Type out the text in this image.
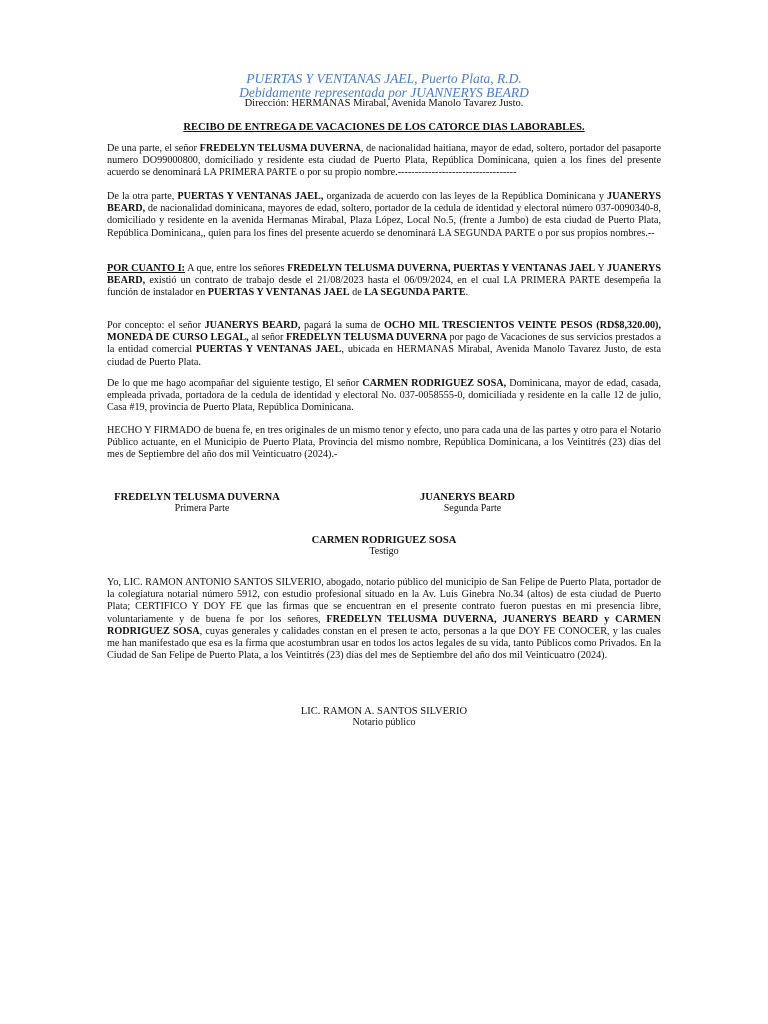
PUERTAS Y VENTANAS JAEL, Puerto Plata, R.D.
Debidamente representada por JUANNERYS BEARD
Dirección: HERMANAS Mirabal, Avenida Manolo Tavarez Justo.
RECIBO DE ENTREGA DE VACACIONES DE LOS CATORCE DIAS LABORABLES.
De una parte, el señor FREDELYN TELUSMA DUVERNA, de nacionalidad haitiana, mayor de edad, soltero, portador del pasaporte numero DO99000800, domiciliado y residente esta ciudad de Puerto Plata, República Dominicana, quien a los fines del presente acuerdo se denominará LA PRIMERA PARTE o por su propio nombre.-----------------------------------
De la otra parte, PUERTAS Y VENTANAS JAEL, organizada de acuerdo con las leyes de la República Dominicana y JUANERYS BEARD, de nacionalidad dominicana, mayores de edad, soltero, portador de la cedula de identidad y electoral número 037-0090340-8, domiciliado y residente en la avenida Hermanas Mirabal, Plaza López, Local No.5, (frente a Jumbo) de esta ciudad de Puerto Plata, República Dominicana,, quien para los fines del presente acuerdo se denominará LA SEGUNDA PARTE o por sus propios nombres.--
POR CUANTO I: A que, entre los señores FREDELYN TELUSMA DUVERNA, PUERTAS Y VENTANAS JAEL Y JUANERYS BEARD, existió un contrato de trabajo desde el 21/08/2023 hasta el 06/09/2024, en el cual LA PRIMERA PARTE desempeña la función de instalador en PUERTAS Y VENTANAS JAEL de LA SEGUNDA PARTE.
Por concepto: el señor JUANERYS BEARD, pagará la suma de OCHO MIL TRESCIENTOS VEINTE PESOS (RD$8,320.00), MONEDA DE CURSO LEGAL, al señor FREDELYN TELUSMA DUVERNA por pago de Vacaciones de sus servicios prestados a la entidad comercial PUERTAS Y VENTANAS JAEL, ubicada en HERMANAS Mirabal, Avenida Manolo Tavarez Justo, de esta ciudad de Puerto Plata.
De lo que me hago acompañar del siguiente testigo, El señor CARMEN RODRIGUEZ SOSA, Dominicana, mayor de edad, casada, empleada privada, portadora de la cedula de identidad y electoral No. 037-0058555-0, domiciliada y residente en la calle 12 de julio, Casa #19, provincia de Puerto Plata, República Dominicana.
HECHO Y FIRMADO de buena fe, en tres originales de un mismo tenor y efecto, uno para cada una de las partes y otro para el Notario Público actuante, en el Municipio de Puerto Plata, Provincia del mismo nombre, República Dominicana, a los Veintitrés (23) días del mes de Septiembre del año dos mil Veinticuatro (2024).-
FREDELYN TELUSMA DUVERNA
Primera Parte
JUANERYS BEARD
Segunda Parte
CARMEN RODRIGUEZ SOSA
Testigo
Yo, LIC. RAMON ANTONIO SANTOS SILVERIO, abogado, notario público del municipio de San Felipe de Puerto Plata, portador de la colegiatura notarial número 5912, con estudio profesional situado en la Av. Luis Ginebra No.34 (altos) de esta ciudad de Puerto Plata; CERTIFICO Y DOY FE que las firmas que se encuentran en el presente contrato fueron puestas en mi presencia libre, voluntariamente y de buena fe por los señores, FREDELYN TELUSMA DUVERNA, JUANERYS BEARD y CARMEN RODRIGUEZ SOSA, cuyas generales y calidades constan en el presen te acto, personas a la que DOY FE CONOCER, y las cuales me han manifestado que esa es la firma que acostumbran usar en todos los actos legales de su vida, tanto Públicos como Privados. En la Ciudad de San Felipe de Puerto Plata, a los Veintitrés (23) días del mes de Septiembre del año dos mil Veinticuatro (2024).
LIC. RAMON A. SANTOS SILVERIO
Notario público
